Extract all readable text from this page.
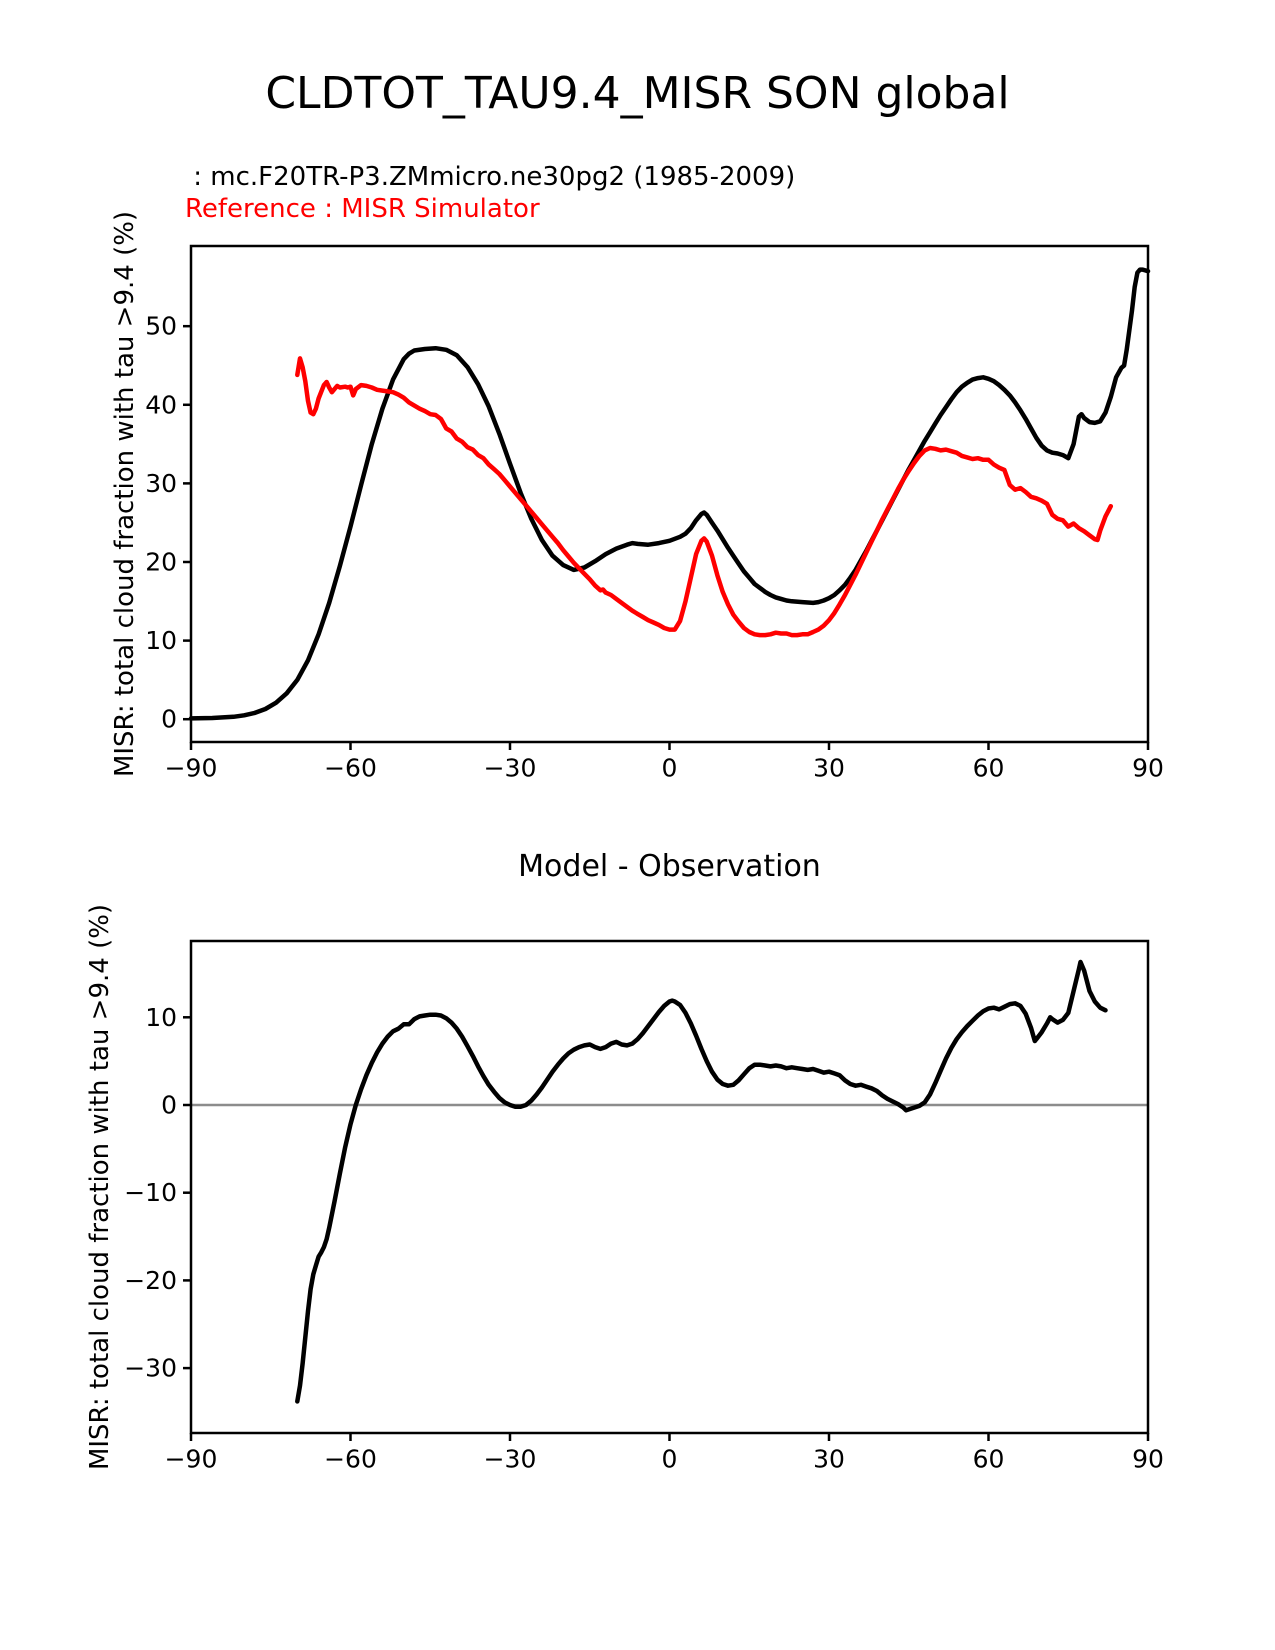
CLDTOT_TAU9.4_MISR SON global
: mc.F20TR-P3.ZMmicro.ne30pg2 (1985-2009)
Reference : MISR Simulator
−90	−60	−30	0	30	60	90
0
10
20
30
40
50
MISR: total cloud fraction with tau >9.4 (%)
−90	−60	−30	0	30	60	90
10
0
−10
−20
−30
MISR: total cloud fraction with tau >9.4 (%)
Model - Observation
